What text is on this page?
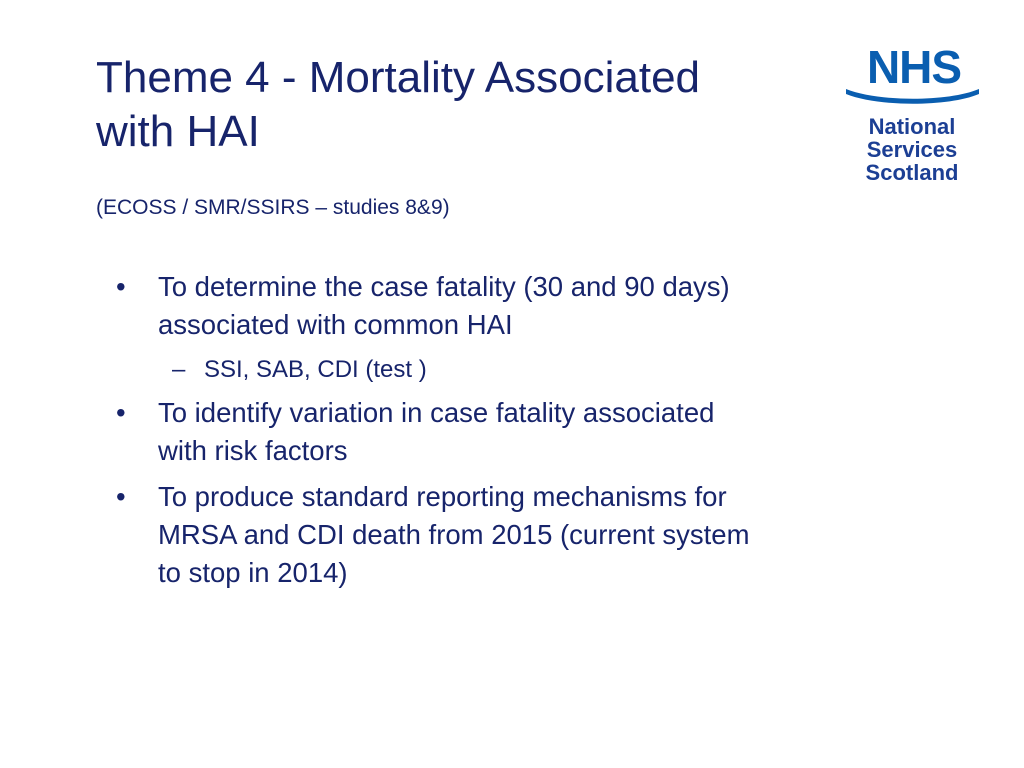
Theme 4 - Mortality Associated
with HAI
(ECOSS / SMR/SSIRS – studies 8&9)
NHS
National
Services
Scotland
• To determine the case fatality (30 and 90 days)
associated with common HAI
– SSI, SAB, CDI (test )
• To identify variation in case fatality associated
with risk factors
• To produce standard reporting mechanisms for
MRSA and CDI death from 2015 (current system
to stop in 2014)
